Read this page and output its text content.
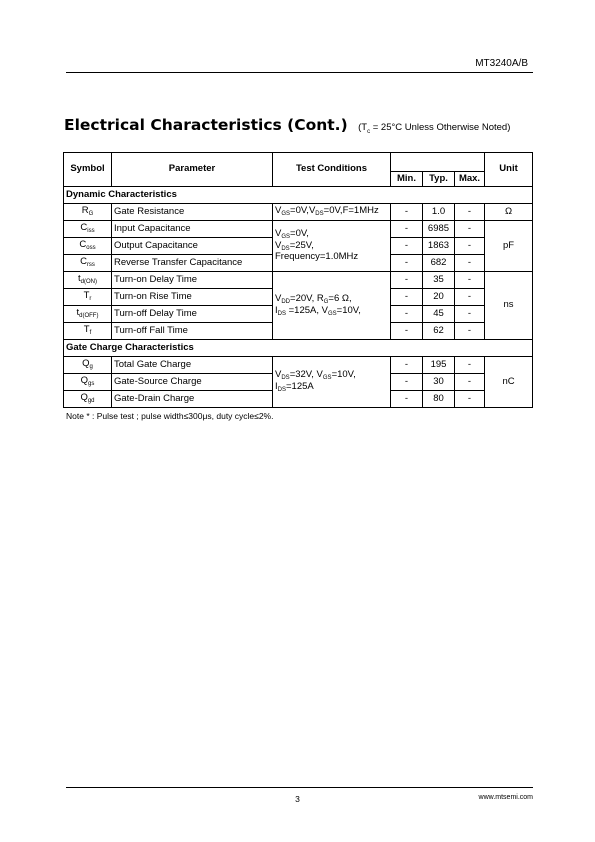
MT3240A/B
Electrical Characteristics (Cont.) ($T_c = 25^\circ C$ Unless Otherwise Noted)
Symbol	Parameter	Test Conditions				Unit
			Min.	Typ.	Max.	
Dynamic Characteristics						
$R_G$	Gate Resistance	$V_{GS}=0V,V_{DS}=0V,F=1MHz$	-	1.0	-	Ω
$C_{iss}$	Input Capacitance	$V_{GS}=0V$,
$V_{DS}=25V$,
Frequency=1.0MHz	-	6985	-	pF
$C_{oss}$	Output Capacitance		-	1863	-	
$C_{rss}$	Reverse Transfer Capacitance		-	682	-	
$t_{d(ON)}$	Turn-on Delay Time	$V_{DD}=20V$, $R_G=6$ Ω,
$I_{DS} =125A$, $V_{GS}=10V$,	-	35	-	ns
$T_r$	Turn-on Rise Time		-	20	-	
$t_{d(OFF)}$	Turn-off Delay Time		-	45	-	
$T_f$	Turn-off Fall Time		-	62	-	
Gate Charge Characteristics						
$Q_g$	Total Gate Charge	$V_{DS}=32V$, $V_{GS}=10V$,
$I_{DS}=125A$	-	195	-	nC
$Q_{gs}$	Gate-Source Charge		-	30	-	
$Q_{gd}$	Gate-Drain Charge		-	80	-	
Note * : Pulse test ; pulse width≤300μs, duty cycle≤2%.
3	www.mtsemi.com
